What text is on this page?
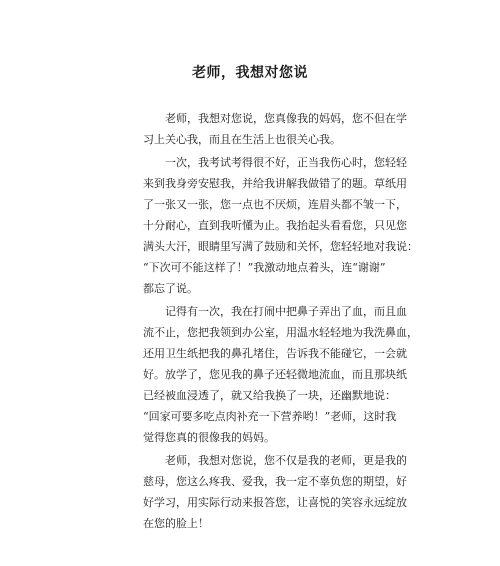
老师，我想对您说
老师，我想对您说，您真像我的妈妈，您不但在学
习上关心我，而且在生活上也很关心我。
一次，我考试考得很不好，正当我伤心时，您轻轻
来到我身旁安慰我，并给我讲解我做错了的题。草纸用
了一张又一张，您一点也不厌烦，连眉头都不皱一下，
十分耐心，直到我听懂为止。我抬起头看看您，只见您
满头大汗，眼睛里写满了鼓励和关怀，您轻轻地对我说：
“下次可不能这样了！”我激动地点着头，连“谢谢”
都忘了说。
记得有一次，我在打闹中把鼻子弄出了血，而且血
流不止，您把我领到办公室，用温水轻轻地为我洗鼻血，
还用卫生纸把我的鼻孔堵住，告诉我不能碰它，一会就
好。放学了，您见我的鼻子还轻微地流血，而且那块纸
已经被血浸透了，就又给我换了一块，还幽默地说：
“回家可要多吃点肉补充一下营养哟！”老师，这时我
觉得您真的很像我的妈妈。
老师，我想对您说，您不仅是我的老师，更是我的
慈母，您这么疼我、爱我，我一定不辜负您的期望，好
好学习，用实际行动来报答您，让喜悦的笑容永远绽放
在您的脸上！
